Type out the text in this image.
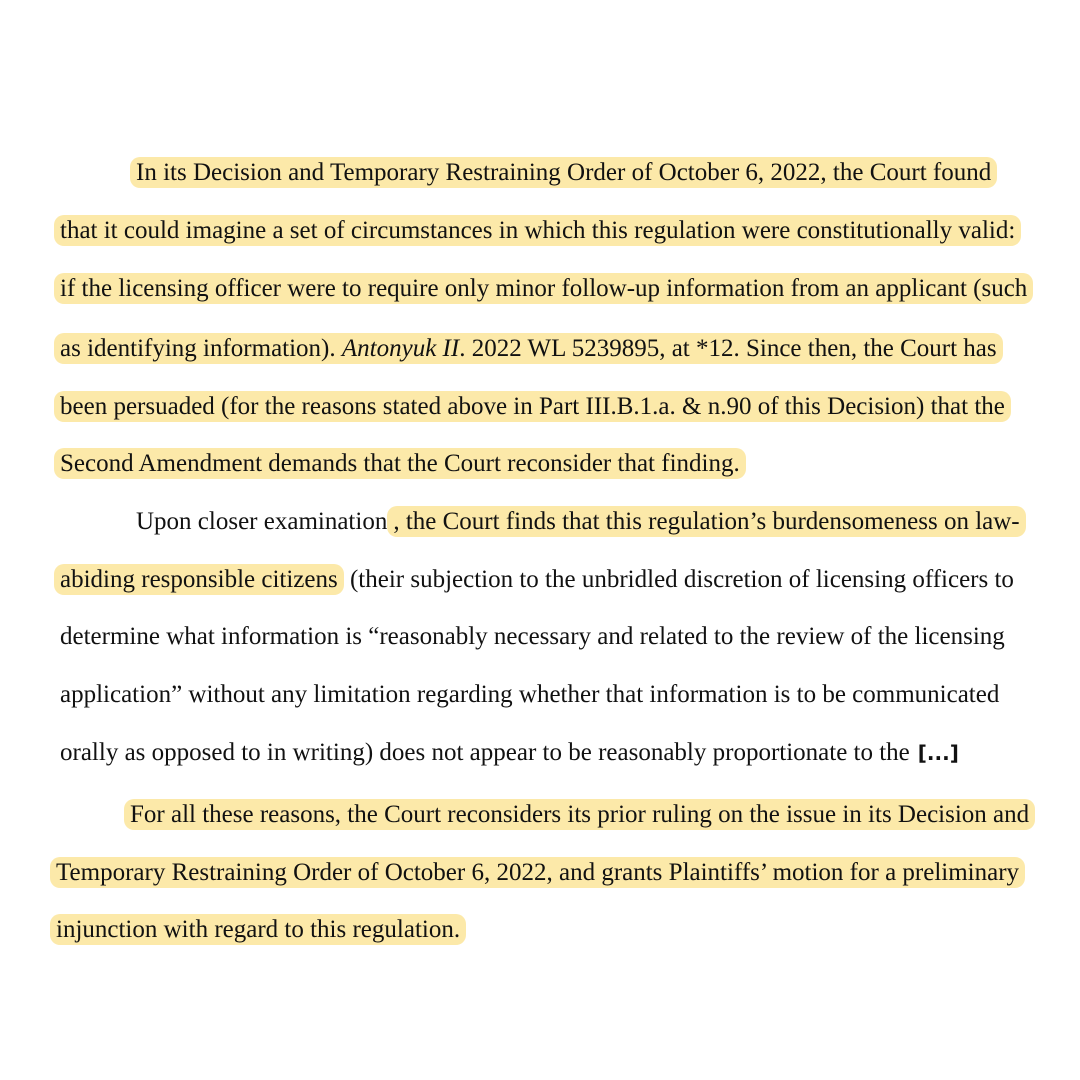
In its Decision and Temporary Restraining Order of October 6, 2022, the Court found
that it could imagine a set of circumstances in which this regulation were constitutionally valid:
if the licensing officer were to require only minor follow-up information from an applicant (such
as identifying information). Antonyuk II. 2022 WL 5239895, at *12. Since then, the Court has
been persuaded (for the reasons stated above in Part III.B.1.a. & n.90 of this Decision) that the
Second Amendment demands that the Court reconsider that finding.
Upon closer examination , the Court finds that this regulation’s burdensomeness on law-
abiding responsible citizens (their subjection to the unbridled discretion of licensing officers to
determine what information is “reasonably necessary and related to the review of the licensing
application” without any limitation regarding whether that information is to be communicated
orally as opposed to in writing) does not appear to be reasonably proportionate to the [...]
For all these reasons, the Court reconsiders its prior ruling on the issue in its Decision and
Temporary Restraining Order of October 6, 2022, and grants Plaintiffs’ motion for a preliminary
injunction with regard to this regulation.
